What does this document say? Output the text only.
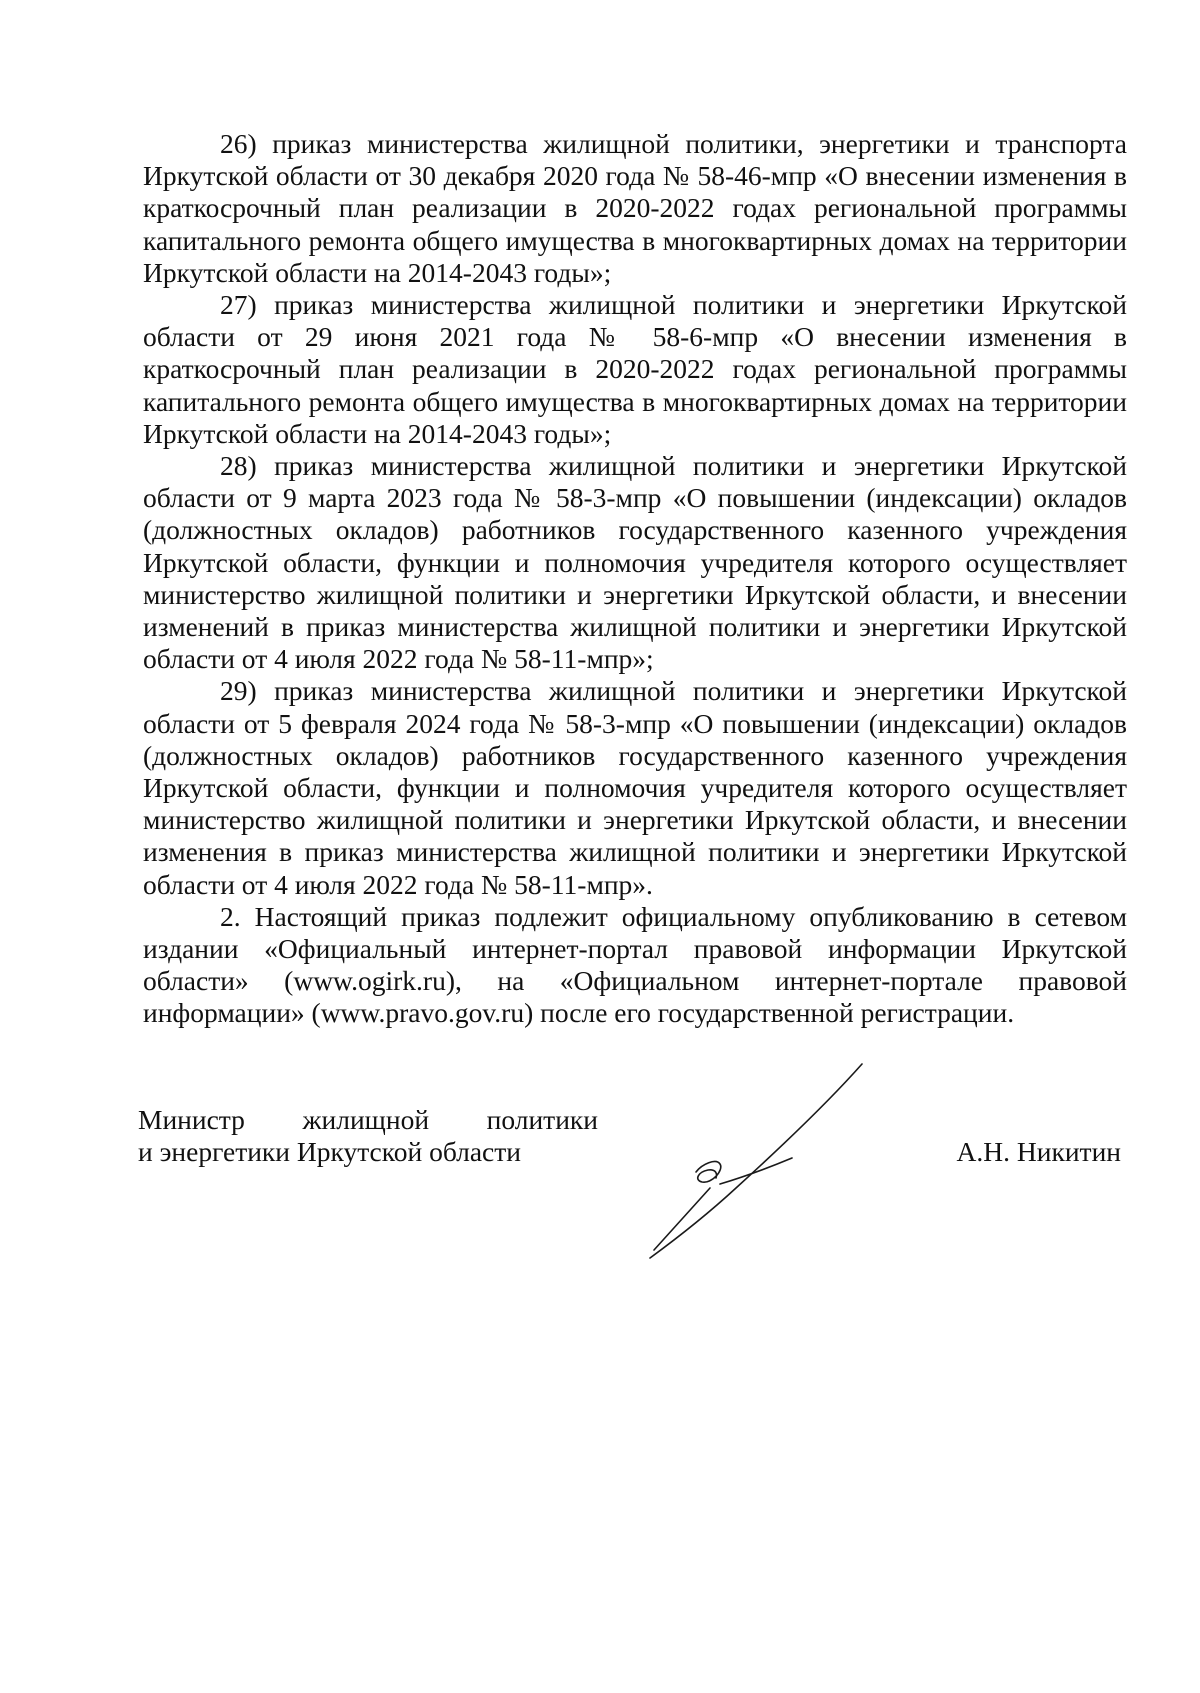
26) приказ министерства жилищной политики, энергетики и транспорта Иркутской области от 30 декабря 2020 года № 58-46-мпр «О внесении изменения в краткосрочный план реализации в 2020-2022 годах региональной программы капитального ремонта общего имущества в многоквартирных домах на территории Иркутской области на 2014-2043 годы»;

27) приказ министерства жилищной политики и энергетики Иркутской области от 29 июня 2021 года № 58-6-мпр «О внесении изменения в краткосрочный план реализации в 2020-2022 годах региональной программы капитального ремонта общего имущества в многоквартирных домах на территории Иркутской области на 2014-2043 годы»;

28) приказ министерства жилищной политики и энергетики Иркутской области от 9 марта 2023 года № 58-3-мпр «О повышении (индексации) окладов (должностных окладов) работников государственного казенного учреждения Иркутской области, функции и полномочия учредителя которого осуществляет министерство жилищной политики и энергетики Иркутской области, и внесении изменений в приказ министерства жилищной политики и энергетики Иркутской области от 4 июля 2022 года № 58-11-мпр»;

29) приказ министерства жилищной политики и энергетики Иркутской области от 5 февраля 2024 года № 58-3-мпр «О повышении (индексации) окладов (должностных окладов) работников государственного казенного учреждения Иркутской области, функции и полномочия учредителя которого осуществляет министерство жилищной политики и энергетики Иркутской области, и внесении изменения в приказ министерства жилищной политики и энергетики Иркутской области от 4 июля 2022 года № 58-11-мпр».

2. Настоящий приказ подлежит официальному опубликованию в сетевом издании «Официальный интернет-портал правовой информации Иркутской области» (www.ogirk.ru), на «Официальном интернет-портале правовой информации» (www.pravo.gov.ru) после его государственной регистрации.

Министр жилищной политики
и энергетики Иркутской области	А.Н. Никитин
